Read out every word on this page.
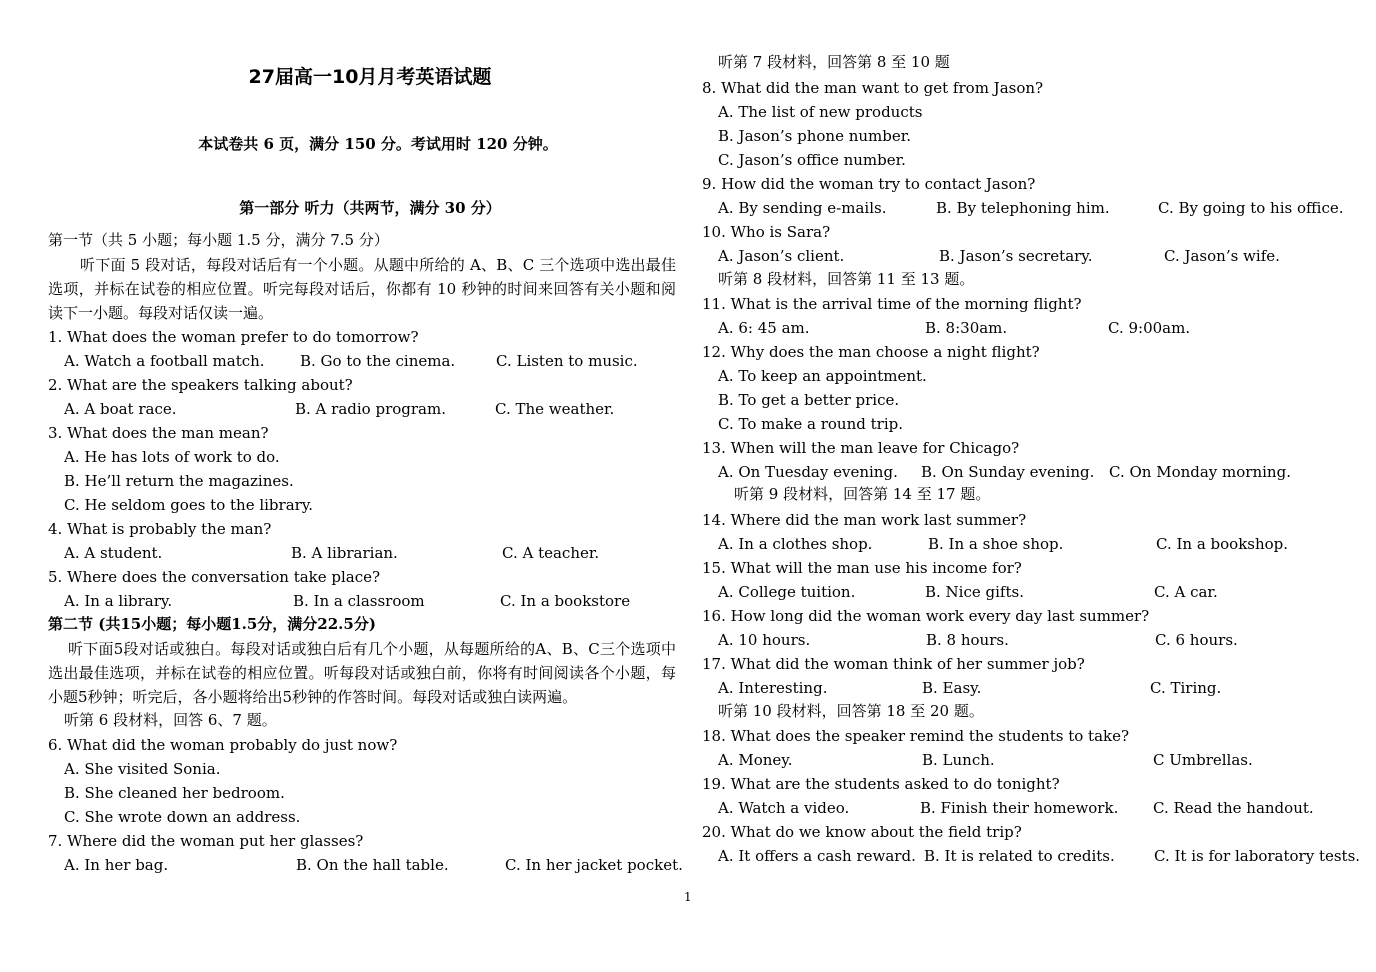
27届高一10月月考英语试题
本试卷共 6 页，满分 150 分。考试用时 120 分钟。
第一部分 听力（共两节，满分 30 分）
第一节（共 5 小题；每小题 1.5 分，满分 7.5 分）
听下面 5 段对话，每段对话后有一个小题。从题中所给的 A、B、C 三个选项中选出最佳选项，并标在试卷的相应位置。听完每段对话后，你都有 10 秒钟的时间来回答有关小题和阅读下一小题。每段对话仅读一遍。
1. What does the woman prefer to do tomorrow?
A. Watch a football match. B. Go to the cinema.	C. Listen to music.
2. What are the speakers talking about?
A. A boat race.	B. A radio program.	C. The weather.
3. What does the man mean?
A. He has lots of work to do.
B. He’ll return the magazines.
C. He seldom goes to the library.
4. What is probably the man?
A. A student.	B. A librarian.	C. A teacher.
5. Where does the conversation take place?
A. In a library.	B. In a classroom	C. In a bookstore
第二节 (共15小题；每小题1.5分，满分22.5分)
听下面5段对话或独白。每段对话或独白后有几个小题，从每题所给的A、B、C三个选项中选出最佳选项，并标在试卷的相应位置。听每段对话或独白前，你将有时间阅读各个小题，每小题5秒钟；听完后，各小题将给出5秒钟的作答时间。每段对话或独白读两遍。
听第 6 段材料，回答 6、7 题。
6. What did the woman probably do just now?
A. She visited Sonia.
B. She cleaned her bedroom.
C. She wrote down an address.
7. Where did the woman put her glasses?
A. In her bag.	B. On the hall table.	C. In her jacket pocket.
听第 7 段材料，回答第 8 至 10 题
8. What did the man want to get from Jason?
A. The list of new products
B. Jason’s phone number.
C. Jason’s office number.
9. How did the woman try to contact Jason?
A. By sending e-mails.	B. By telephoning him.	C. By going to his office.
10. Who is Sara?
A. Jason’s client.	B. Jason’s secretary.	C. Jason’s wife.
听第 8 段材料，回答第 11 至 13 题。
11. What is the arrival time of the morning flight?
A. 6: 45 am.	B. 8:30am.	C. 9:00am.
12. Why does the man choose a night flight?
A. To keep an appointment.
B. To get a better price.
C. To make a round trip.
13. When will the man leave for Chicago?
A. On Tuesday evening. B. On Sunday evening. C. On Monday morning.
听第 9 段材料，回答第 14 至 17 题。
14. Where did the man work last summer?
A. In a clothes shop.	B. In a shoe shop.	C. In a bookshop.
15. What will the man use his income for?
A. College tuition.	B. Nice gifts.	C. A car.
16. How long did the woman work every day last summer?
A. 10 hours.	B. 8 hours.	C. 6 hours.
17. What did the woman think of her summer job?
A. Interesting.	B. Easy.	C. Tiring.
听第 10 段材料，回答第 18 至 20 题。
18. What does the speaker remind the students to take?
A. Money.	B. Lunch.	C Umbrellas.
19. What are the students asked to do tonight?
A. Watch a video.	B. Finish their homework. C. Read the handout.
20. What do we know about the field trip?
A. It offers a cash reward. B. It is related to credits.	C. It is for laboratory tests.
1
